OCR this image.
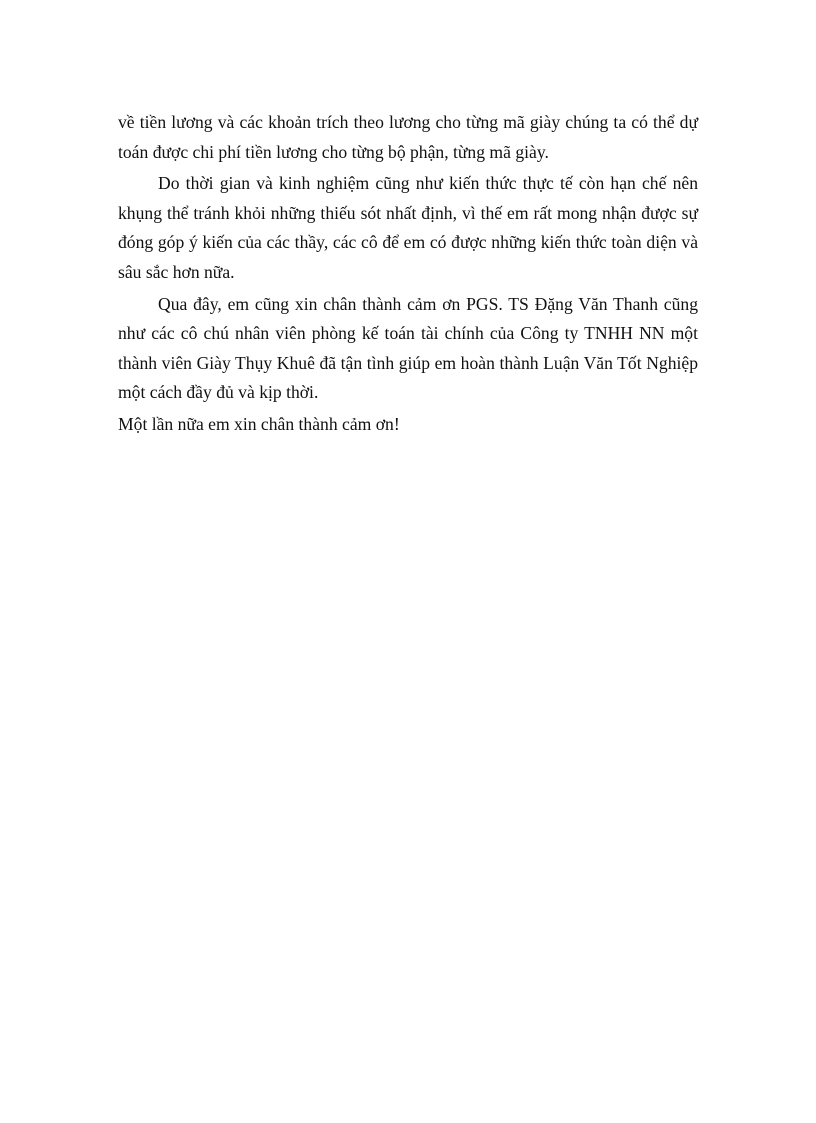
về tiền lương và các khoản trích theo lương cho từng mã giày chúng ta có thể dự toán được chi phí tiền lương cho từng bộ phận, từng mã giày.

Do thời gian và kinh nghiệm cũng như kiến thức thực tế còn hạn chế nên khụng thể tránh khỏi những thiếu sót nhất định, vì thế em rất mong nhận được sự đóng góp ý kiến của các thầy, các cô để em có được những kiến thức toàn diện và sâu sắc hơn nữa.

Qua đây, em cũng xin chân thành cảm ơn PGS. TS Đặng Văn Thanh cũng như các cô chú nhân viên phòng kế toán tài chính của Công ty TNHH NN một thành viên Giày Thụy Khuê đã tận tình giúp em hoàn thành Luận Văn Tốt Nghiệp một cách đầy đủ và kịp thời.

Một lần nữa em xin chân thành cảm ơn!
